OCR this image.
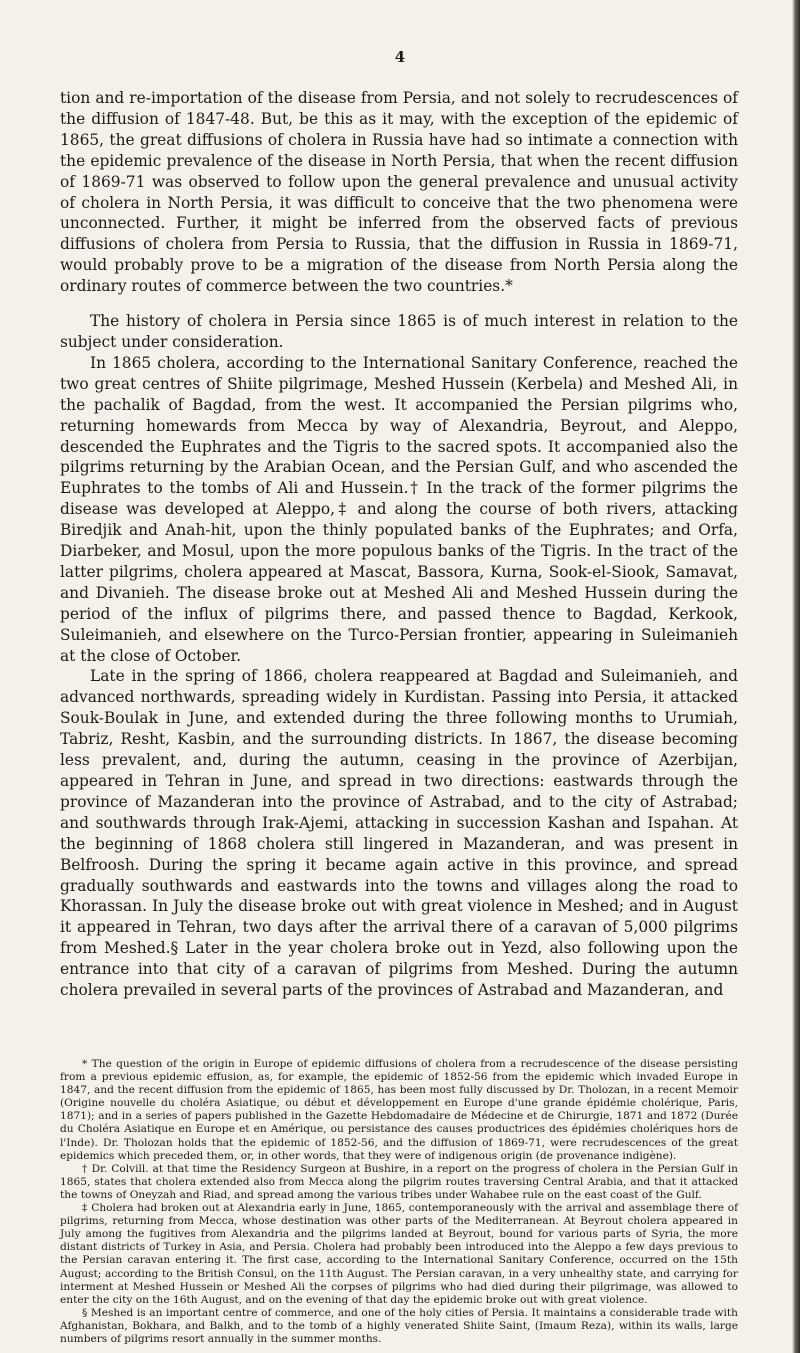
4

tion and re-importation of the disease from Persia, and not solely to recrudescences of the diffusion of 1847-48. But, be this as it may, with the exception of the epidemic of 1865, the great diffusions of cholera in Russia have had so intimate a connection with the epidemic prevalence of the disease in North Persia, that when the recent diffusion of 1869-71 was observed to follow upon the general prevalence and unusual activity of cholera in North Persia, it was difficult to conceive that the two phenomena were unconnected. Further, it might be inferred from the observed facts of previous diffusions of cholera from Persia to Russia, that the diffusion in Russia in 1869-71, would probably prove to be a migration of the disease from North Persia along the ordinary routes of commerce between the two countries.*

The history of cholera in Persia since 1865 is of much interest in relation to the subject under consideration.

In 1865 cholera, according to the International Sanitary Conference, reached the two great centres of Shiite pilgrimage, Meshed Hussein (Kerbela) and Meshed Ali, in the pachalik of Bagdad, from the west. It accompanied the Persian pilgrims who, returning homewards from Mecca by way of Alexandria, Beyrout, and Aleppo, descended the Euphrates and the Tigris to the sacred spots. It accompanied also the pilgrims returning by the Arabian Ocean, and the Persian Gulf, and who ascended the Euphrates to the tombs of Ali and Hussein.† In the track of the former pilgrims the disease was developed at Aleppo,‡ and along the course of both rivers, attacking Biredjik and Anah-hit, upon the thinly populated banks of the Euphrates; and Orfa, Diarbeker, and Mosul, upon the more populous banks of the Tigris. In the tract of the latter pilgrims, cholera appeared at Mascat, Bassora, Kurna, Sook-el-Siook, Samavat, and Divanieh. The disease broke out at Meshed Ali and Meshed Hussein during the period of the influx of pilgrims there, and passed thence to Bagdad, Kerkook, Suleimanieh, and elsewhere on the Turco-Persian frontier, appearing in Suleimanieh at the close of October.

Late in the spring of 1866, cholera reappeared at Bagdad and Suleimanieh, and advanced northwards, spreading widely in Kurdistan. Passing into Persia, it attacked Souk-Boulak in June, and extended during the three following months to Urumiah, Tabriz, Resht, Kasbin, and the surrounding districts. In 1867, the disease becoming less prevalent, and, during the autumn, ceasing in the province of Azerbijan, appeared in Tehran in June, and spread in two directions: eastwards through the province of Mazanderan into the province of Astrabad, and to the city of Astrabad; and southwards through Irak-Ajemi, attacking in succession Kashan and Ispahan. At the beginning of 1868 cholera still lingered in Mazanderan, and was present in Belfroosh. During the spring it became again active in this province, and spread gradually southwards and eastwards into the towns and villages along the road to Khorassan. In July the disease broke out with great violence in Meshed; and in August it appeared in Tehran, two days after the arrival there of a caravan of 5,000 pilgrims from Meshed.§ Later in the year cholera broke out in Yezd, also following upon the entrance into that city of a caravan of pilgrims from Meshed. During the autumn cholera prevailed in several parts of the provinces of Astrabad and Mazanderan, and

* The question of the origin in Europe of epidemic diffusions of cholera from a recrudescence of the disease persisting from a previous epidemic effusion, as, for example, the epidemic of 1852-56 from the epidemic which invaded Europe in 1847, and the recent diffusion from the epidemic of 1865, has been most fully discussed by Dr. Tholozan, in a recent Memoir (Origine nouvelle du choléra Asiatique, ou début et développement en Europe d'une grande épidémie cholérique, Paris, 1871); and in a series of papers published in the Gazette Hebdomadaire de Médecine et de Chirurgie, 1871 and 1872 (Durée du Choléra Asiatique en Europe et en Amérique, ou persistance des causes productrices des épidémies cholériques hors de l'Inde). Dr. Tholozan holds that the epidemic of 1852-56, and the diffusion of 1869-71, were recrudescences of the great epidemics which preceded them, or, in other words, that they were of indigenous origin (de provenance indigène).

† Dr. Colvill. at that time the Residency Surgeon at Bushire, in a report on the progress of cholera in the Persian Gulf in 1865, states that cholera extended also from Mecca along the pilgrim routes traversing Central Arabia, and that it attacked the towns of Oneyzah and Riad, and spread among the various tribes under Wahabee rule on the east coast of the Gulf.

‡ Cholera had broken out at Alexandria early in June, 1865, contemporaneously with the arrival and assemblage there of pilgrims, returning from Mecca, whose destination was other parts of the Mediterranean. At Beyrout cholera appeared in July among the fugitives from Alexandria and the pilgrims landed at Beyrout, bound for various parts of Syria, the more distant districts of Turkey in Asia, and Persia. Cholera had probably been introduced into the Aleppo a few days previous to the Persian caravan entering it. The first case, according to the International Sanitary Conference, occurred on the 15th August; according to the British Consul, on the 11th August. The Persian caravan, in a very unhealthy state, and carrying for interment at Meshed Hussein or Meshed Ali the corpses of pilgrims who had died during their pilgrimage, was allowed to enter the city on the 16th August, and on the evening of that day the epidemic broke out with great violence.

§ Meshed is an important centre of commerce, and one of the holy cities of Persia. It maintains a considerable trade with Afghanistan, Bokhara, and Balkh, and to the tomb of a highly venerated Shiite Saint, (Imaum Reza), within its walls, large numbers of pilgrims resort annually in the summer months.
